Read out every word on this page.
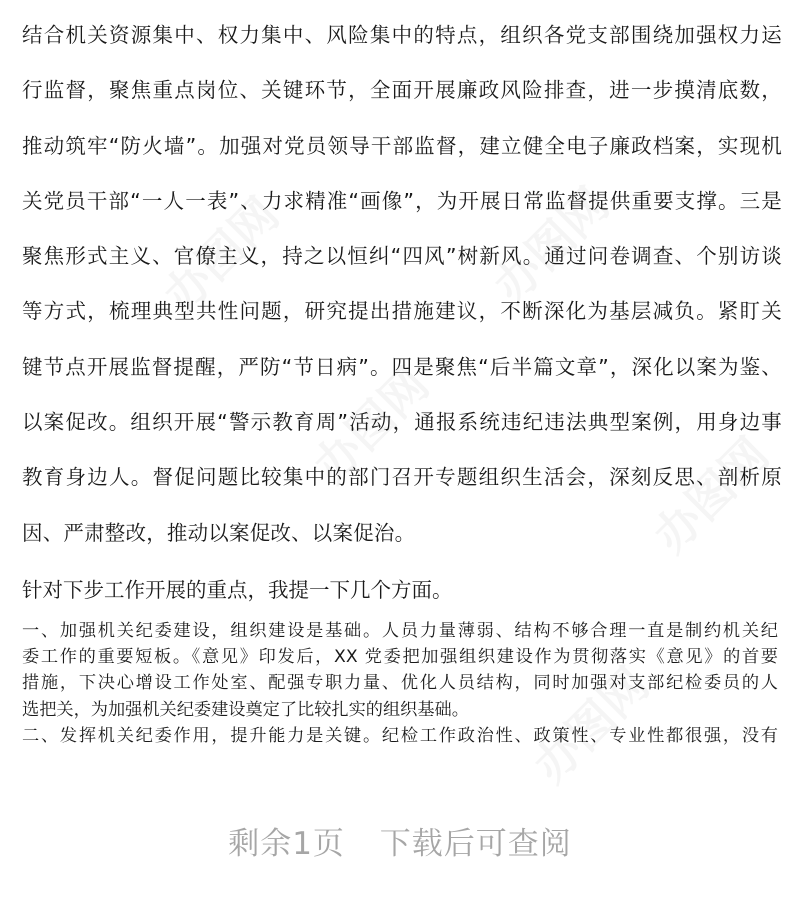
办图网	办图网
办图网
办图网
办图网
结合机关资源集中、权力集中、风险集中的特点，组织各党支部围绕加强权力运
行监督，聚焦重点岗位、关键环节，全面开展廉政风险排查，进一步摸清底数，
推动筑牢“防火墙”。加强对党员领导干部监督，建立健全电子廉政档案，实现机
关党员干部“一人一表”、力求精准“画像”，为开展日常监督提供重要支撑。三是
聚焦形式主义、官僚主义，持之以恒纠“四风”树新风。通过问卷调查、个别访谈
等方式，梳理典型共性问题，研究提出措施建议，不断深化为基层减负。紧盯关
键节点开展监督提醒，严防“节日病”。四是聚焦“后半篇文章”，深化以案为鉴、
以案促改。组织开展“警示教育周”活动，通报系统违纪违法典型案例，用身边事
教育身边人。督促问题比较集中的部门召开专题组织生活会，深刻反思、剖析原
因、严肃整改，推动以案促改、以案促治。
针对下步工作开展的重点，我提一下几个方面。
一、加强机关纪委建设，组织建设是基础。人员力量薄弱、结构不够合理一直是制约机关纪
委工作的重要短板。《意见》印发后，XX 党委把加强组织建设作为贯彻落实《意见》的首要
措施，下决心增设工作处室、配强专职力量、优化人员结构，同时加强对支部纪检委员的人
选把关，为加强机关纪委建设奠定了比较扎实的组织基础。
二、发挥机关纪委作用，提升能力是关键。纪检工作政治性、政策性、专业性都很强，没有
剩余1页 下载后可查阅
